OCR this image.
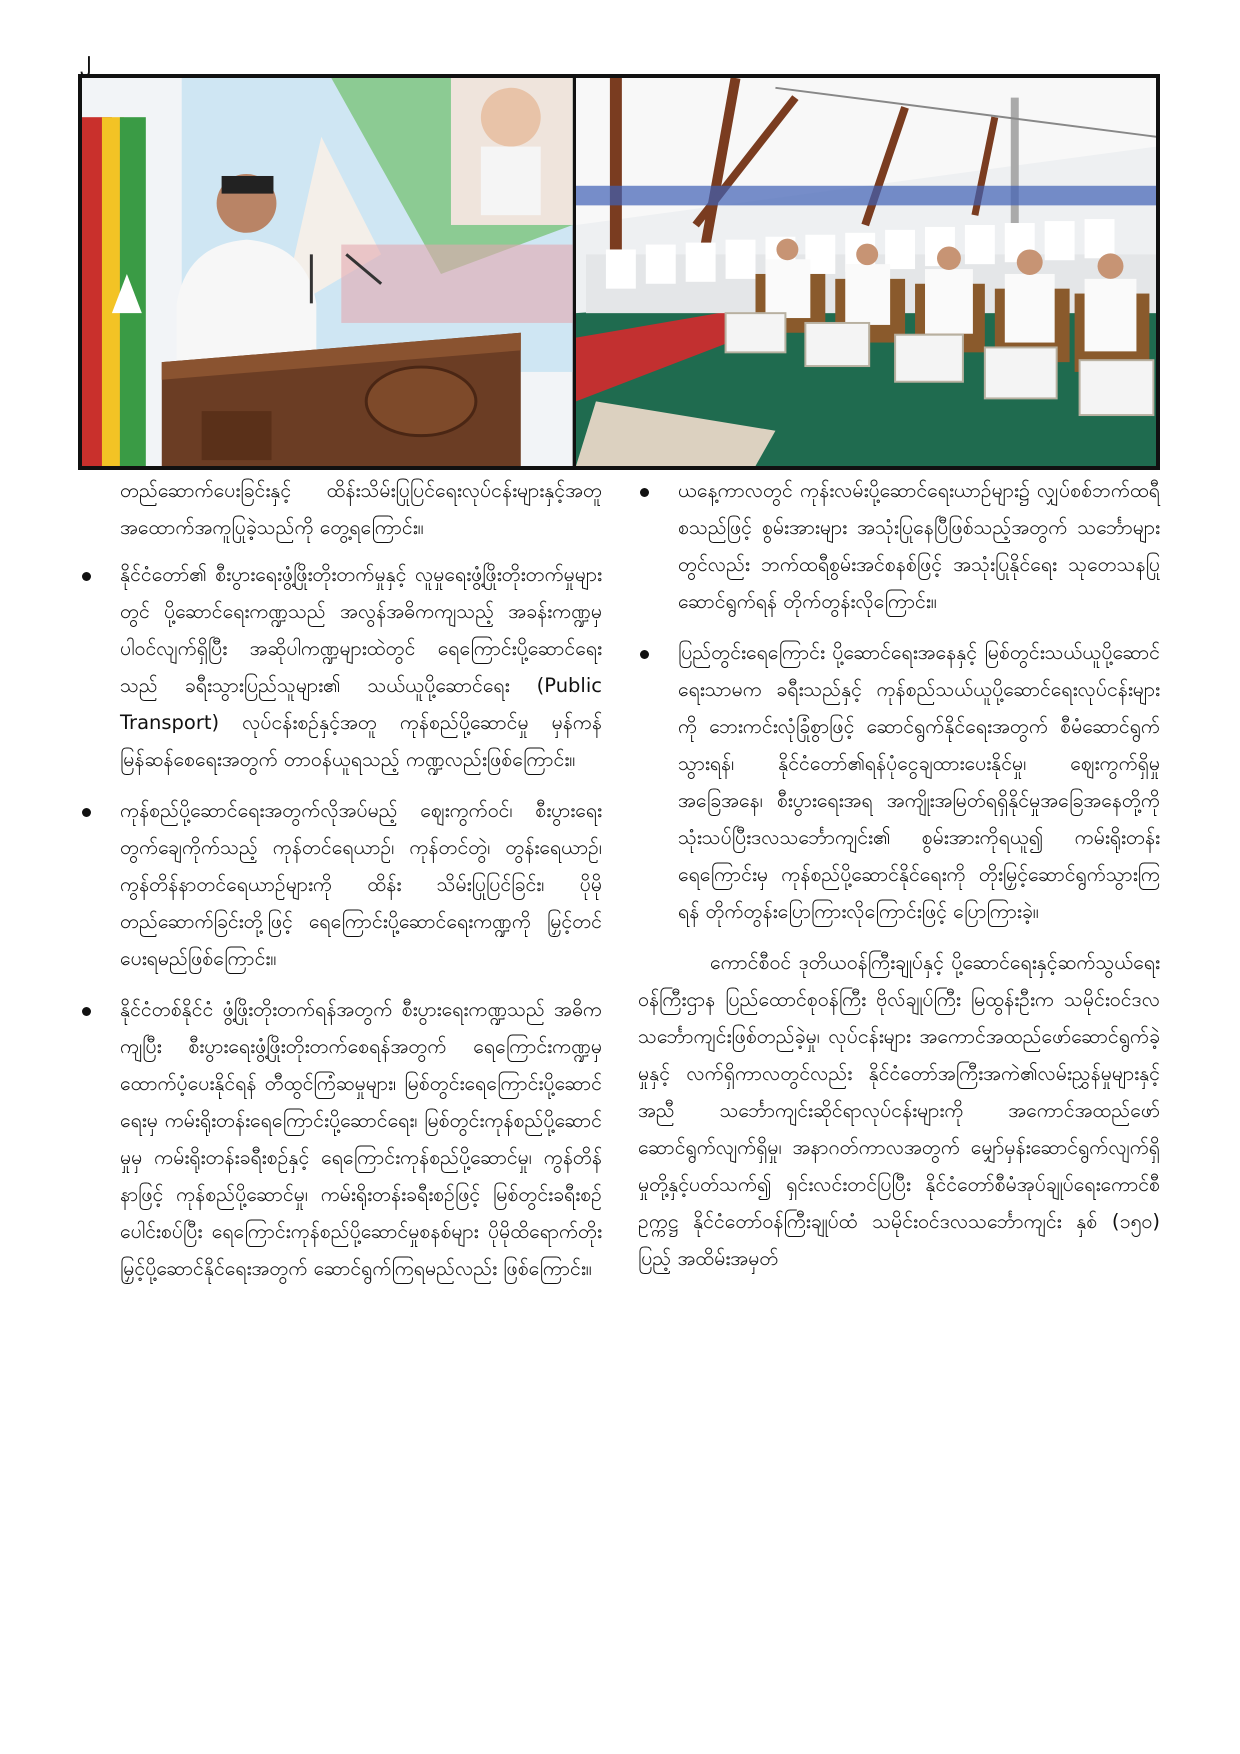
၂

တည်ဆောက်ပေးခြင်းနှင့် ထိန်းသိမ်းပြုပြင်ရေးလုပ်ငန်းများနှင့်အတူ အထောက်အကူပြုခဲ့သည်ကို တွေ့ရကြောင်း။

နိုင်ငံတော်၏ စီးပွားရေးဖွံ့ဖြိုးတိုးတက်မှုနှင့် လူမှုရေးဖွံ့ဖြိုးတိုးတက်မှုများတွင် ပို့ဆောင်ရေးကဏ္ဍသည် အလွန်အဓိကကျသည့် အခန်းကဏ္ဍမှ ပါဝင်လျက်ရှိပြီး အဆိုပါကဏ္ဍများထဲတွင် ရေကြောင်းပို့ဆောင်ရေးသည် ခရီးသွားပြည်သူများ၏ သယ်ယူပို့ဆောင်ရေး (Public Transport) လုပ်ငန်းစဉ်နှင့်အတူ ကုန်စည်ပို့ဆောင်မှု မှန်ကန်မြန်ဆန်စေရေးအတွက် တာဝန်ယူရသည့် ကဏ္ဍလည်းဖြစ်ကြောင်း။
ကုန်စည်ပို့ဆောင်ရေးအတွက်လိုအပ်မည့် ဈေးကွက်ဝင်၊ စီးပွားရေးတွက်ချေကိုက်သည့် ကုန်တင်ရေယာဉ်၊ ကုန်တင်တွဲ၊ တွန်းရေယာဉ်၊ ကွန်တိန်နာတင်ရေယာဉ်များကို ထိန်း သိမ်းပြုပြင်ခြင်း၊ ပိုမိုတည်ဆောက်ခြင်းတို့ဖြင့် ရေကြောင်းပို့ဆောင်ရေးကဏ္ဍကို မြှင့်တင်ပေးရမည်ဖြစ်ကြောင်း။
နိုင်ငံတစ်နိုင်ငံ ဖွံ့ဖြိုးတိုးတက်ရန်အတွက် စီးပွားရေးကဏ္ဍသည် အဓိကကျပြီး စီးပွားရေးဖွံ့ဖြိုးတိုးတက်စေရန်အတွက် ရေကြောင်းကဏ္ဍမှ ထောက်ပံ့ပေးနိုင်ရန် တီထွင်ကြံဆမှုများ၊ မြစ်တွင်းရေကြောင်းပို့ဆောင်ရေးမှ ကမ်းရိုးတန်းရေကြောင်းပို့ဆောင်ရေး၊ မြစ်တွင်းကုန်စည်ပို့ဆောင်မှုမှ ကမ်းရိုးတန်းခရီးစဉ်နှင့် ရေကြောင်းကုန်စည်ပို့ဆောင်မှု၊ ကွန်တိန်နာဖြင့် ကုန်စည်ပို့ဆောင်မှု၊ ကမ်းရိုးတန်းခရီးစဉ်ဖြင့် မြစ်တွင်းခရီးစဉ်ပေါင်းစပ်ပြီး ရေကြောင်းကုန်စည်ပို့ဆောင်မှုစနစ်များ ပိုမိုထိရောက်တိုးမြှင့်ပို့ဆောင်နိုင်ရေးအတွက် ဆောင်ရွက်ကြရမည်လည်း ဖြစ်ကြောင်း။
ယနေ့ကာလတွင် ကုန်းလမ်းပို့ဆောင်ရေးယာဉ်များ၌ လျှပ်စစ်ဘက်ထရီ စသည်ဖြင့် စွမ်းအားများ အသုံးပြုနေပြီဖြစ်သည့်အတွက် သင်္ဘောများတွင်လည်း ဘက်ထရီစွမ်းအင်စနစ်ဖြင့် အသုံးပြုနိုင်ရေး သုတေသနပြုဆောင်ရွက်ရန် တိုက်တွန်းလိုကြောင်း။
ပြည်တွင်းရေကြောင်း ပို့ဆောင်ရေးအနေနှင့် မြစ်တွင်းသယ်ယူပို့ဆောင်ရေးသာမက ခရီးသည်နှင့် ကုန်စည်သယ်ယူပို့ဆောင်ရေးလုပ်ငန်းများကို ဘေးကင်းလုံခြုံစွာဖြင့် ဆောင်ရွက်နိုင်ရေးအတွက် စီမံဆောင်ရွက်သွားရန်၊ နိုင်ငံတော်၏ရန်ပုံငွေချထားပေးနိုင်မှု၊ ဈေးကွက်ရှိမှုအခြေအနေ၊ စီးပွားရေးအရ အကျိုးအမြတ်ရရှိနိုင်မှုအခြေအနေတို့ကို သုံးသပ်ပြီးဒလသင်္ဘောကျင်း၏ စွမ်းအားကိုရယူ၍ ကမ်းရိုးတန်းရေကြောင်းမှ ကုန်စည်ပို့ဆောင်နိုင်ရေးကို တိုးမြှင့်ဆောင်ရွက်သွားကြရန် တိုက်တွန်းပြောကြားလိုကြောင်းဖြင့် ပြောကြားခဲ့။

ကောင်စီဝင် ဒုတိယဝန်ကြီးချုပ်နှင့် ပို့ဆောင်ရေးနှင့်ဆက်သွယ်ရေးဝန်ကြီးဌာန ပြည်ထောင်စုဝန်ကြီး ဗိုလ်ချုပ်ကြီး မြထွန်းဦးက သမိုင်းဝင်ဒလသင်္ဘောကျင်းဖြစ်တည်ခဲ့မှု၊ လုပ်ငန်းများ အကောင်အထည်ဖော်ဆောင်ရွက်ခဲ့မှုနှင့် လက်ရှိကာလတွင်လည်း နိုင်ငံတော်အကြီးအကဲ၏လမ်းညွှန်မှုများနှင့်အညီ သင်္ဘောကျင်းဆိုင်ရာလုပ်ငန်းများကို အကောင်အထည်ဖော်ဆောင်ရွက်လျက်ရှိမှု၊ အနာဂတ်ကာလအတွက် မျှော်မှန်းဆောင်ရွက်လျက်ရှိမှုတို့နှင့်ပတ်သက်၍ ရှင်းလင်းတင်ပြပြီး နိုင်ငံတော်စီမံအုပ်ချုပ်ရေးကောင်စီဥက္ကဋ္ဌ နိုင်ငံတော်ဝန်ကြီးချုပ်ထံ သမိုင်းဝင်ဒလသင်္ဘောကျင်း နှစ် (၁၅၀) ပြည့် အထိမ်းအမှတ်
